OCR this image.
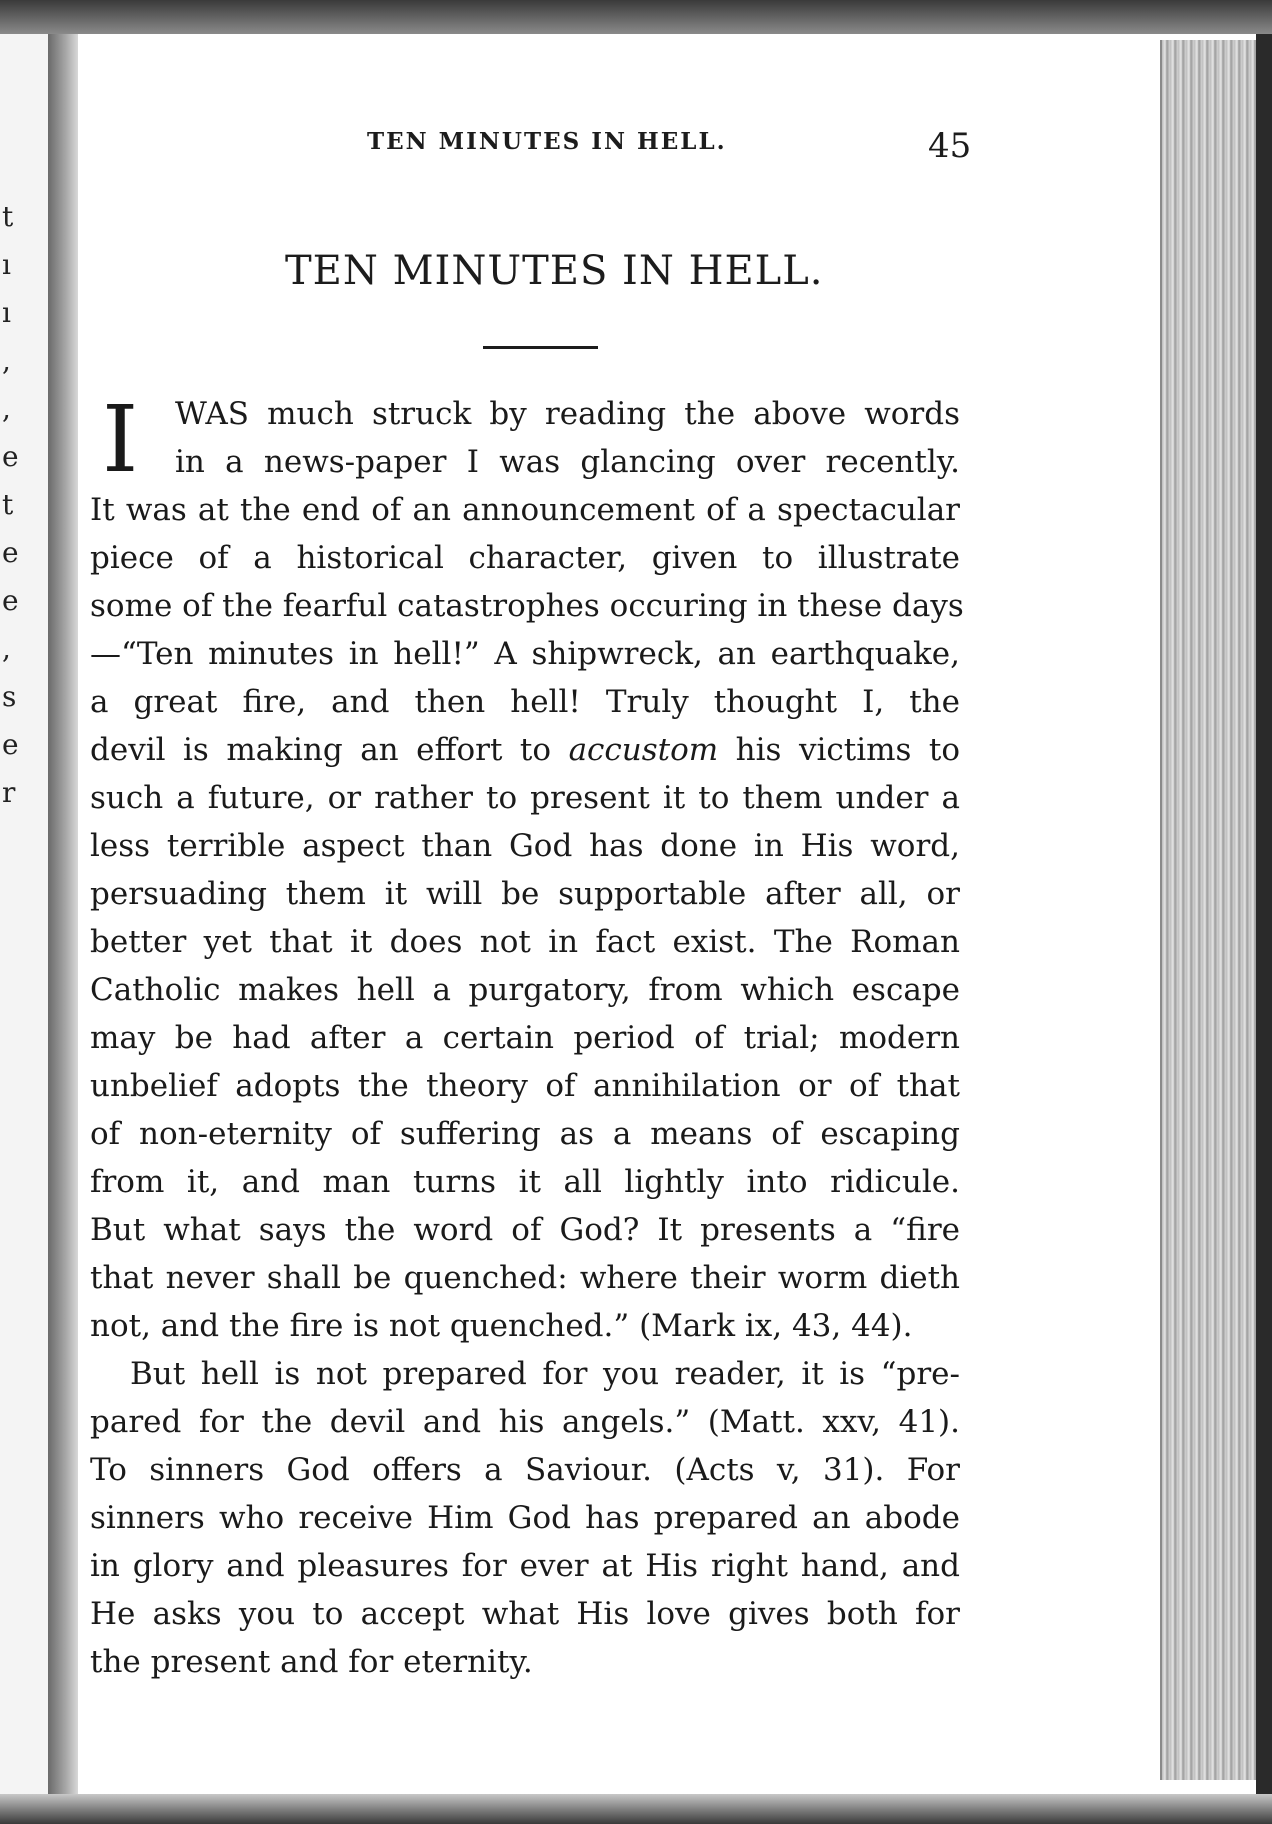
t
ı
ı
,
,
e
t
e
e
,
s
e
r
TEN MINUTES IN HELL.	45
TEN MINUTES IN HELL.
I	WAS much struck by reading the above words
in a news-paper I was glancing over recently.
It was at the end of an announcement of a spectacular
piece of a historical character, given to illustrate
some of the fearful catastrophes occuring in these days
—“Ten minutes in hell!” A shipwreck, an earthquake,
a great fire, and then hell! Truly thought I, the
devil is making an effort to accustom his victims to
such a future, or rather to present it to them under a
less terrible aspect than God has done in His word,
persuading them it will be supportable after all, or
better yet that it does not in fact exist. The Roman
Catholic makes hell a purgatory, from which escape
may be had after a certain period of trial; modern
unbelief adopts the theory of annihilation or of that
of non-eternity of suffering as a means of escaping
from it, and man turns it all lightly into ridicule.
But what says the word of God? It presents a “fire
that never shall be quenched: where their worm dieth
not, and the fire is not quenched.” (Mark ix, 43, 44).
But hell is not prepared for you reader, it is “pre-
pared for the devil and his angels.” (Matt. xxv, 41).
To sinners God offers a Saviour. (Acts v, 31). For
sinners who receive Him God has prepared an abode
in glory and pleasures for ever at His right hand, and
He asks you to accept what His love gives both for
the present and for eternity.
